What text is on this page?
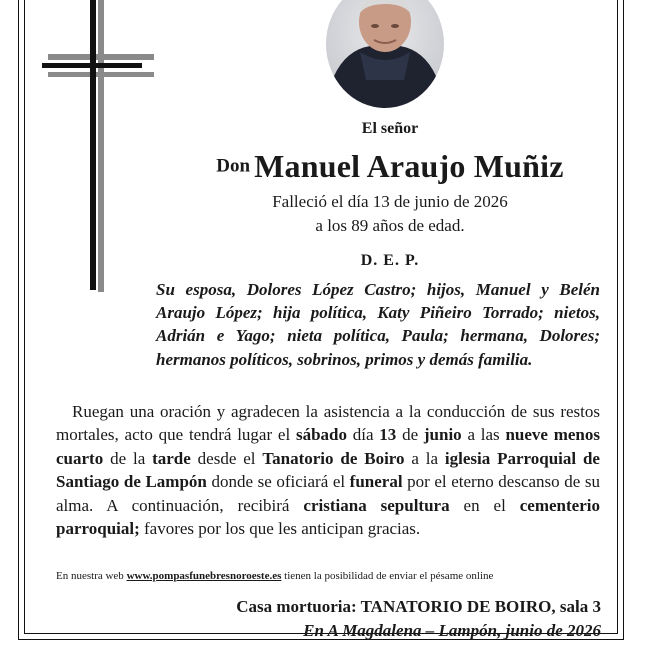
El señor
Don Manuel Araujo Muñiz
Falleció el día 13 de junio de 2026
a los 89 años de edad.
D. E. P.
Su esposa, Dolores López Castro; hijos, Manuel y Belén Araujo López; hija política, Katy Piñeiro Torrado; nietos, Adrián e Yago; nieta política, Paula; hermana, Dolores; hermanos políticos, sobrinos, primos y demás familia.
Ruegan una oración y agradecen la asistencia a la conducción de sus restos mortales, acto que tendrá lugar el sábado día 13 de junio a las nueve menos cuarto de la tarde desde el Tanatorio de Boiro a la iglesia Parroquial de Santiago de Lampón donde se oficiará el funeral por el eterno descanso de su alma. A continuación, recibirá cristiana sepultura en el cementerio parroquial; favores por los que les anticipan gracias.
En nuestra web www.pompasfunebresnoroeste.es tienen la posibilidad de enviar el pésame online
Casa mortuoria: TANATORIO DE BOIRO, sala 3
En A Magdalena – Lampón, junio de 2026
